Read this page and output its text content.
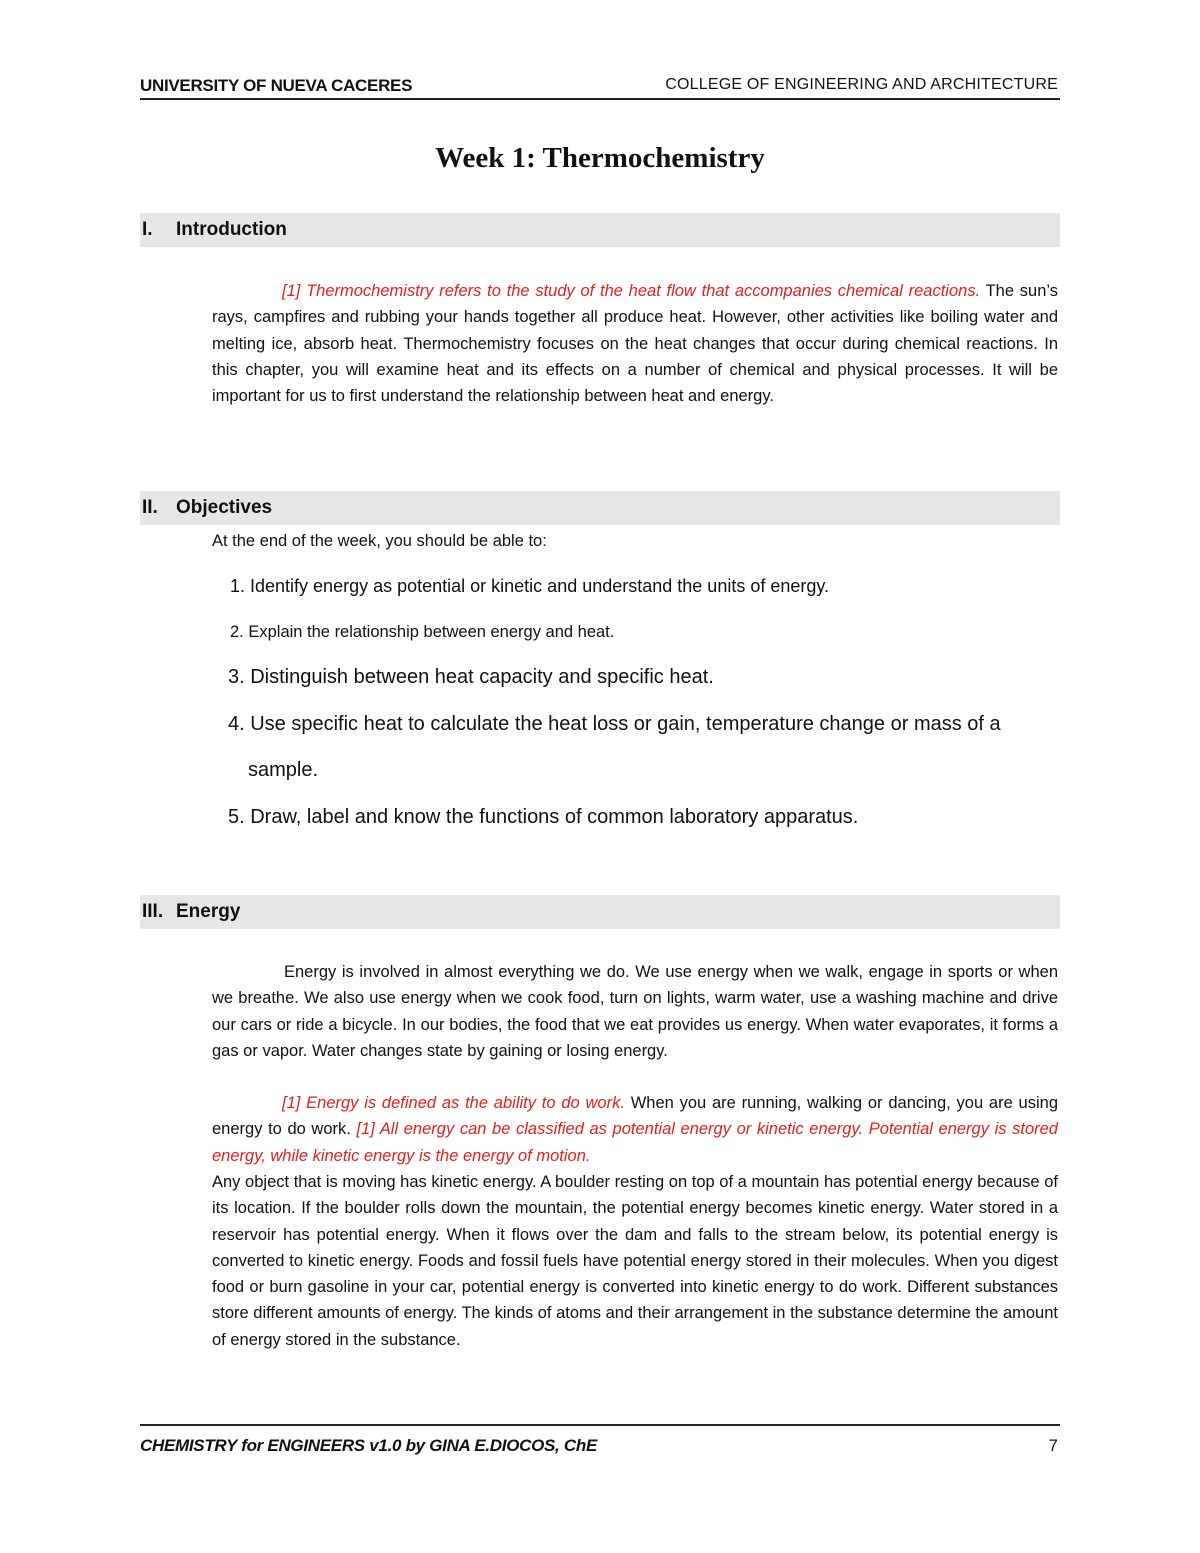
UNIVERSITY OF NUEVA CACERES	COLLEGE OF ENGINEERING AND ARCHITECTURE
Week 1: Thermochemistry
I. Introduction
[1] Thermochemistry refers to the study of the heat flow that accompanies chemical reactions. The sun’s rays, campfires and rubbing your hands together all produce heat. However, other activities like boiling water and melting ice, absorb heat. Thermochemistry focuses on the heat changes that occur during chemical reactions. In this chapter, you will examine heat and its effects on a number of chemical and physical processes. It will be important for us to first understand the relationship between heat and energy.
II. Objectives
At the end of the week, you should be able to:
1. Identify energy as potential or kinetic and understand the units of energy.
2. Explain the relationship between energy and heat.
3. Distinguish between heat capacity and specific heat.
4. Use specific heat to calculate the heat loss or gain, temperature change or mass of a
sample.
5. Draw, label and know the functions of common laboratory apparatus.
III. Energy
Energy is involved in almost everything we do. We use energy when we walk, engage in sports or when we breathe. We also use energy when we cook food, turn on lights, warm water, use a washing machine and drive our cars or ride a bicycle. In our bodies, the food that we eat provides us energy. When water evaporates, it forms a gas or vapor. Water changes state by gaining or losing energy.
[1] Energy is defined as the ability to do work. When you are running, walking or dancing, you are using energy to do work. [1] All energy can be classified as potential energy or kinetic energy. Potential energy is stored energy, while kinetic energy is the energy of motion.
Any object that is moving has kinetic energy. A boulder resting on top of a mountain has potential energy because of its location. If the boulder rolls down the mountain, the potential energy becomes kinetic energy. Water stored in a reservoir has potential energy. When it flows over the dam and falls to the stream below, its potential energy is converted to kinetic energy. Foods and fossil fuels have potential energy stored in their molecules. When you digest food or burn gasoline in your car, potential energy is converted into kinetic energy to do work. Different substances store different amounts of energy. The kinds of atoms and their arrangement in the substance determine the amount of energy stored in the substance.
CHEMISTRY for ENGINEERS v1.0 by GINA E.DIOCOS, ChE	7
